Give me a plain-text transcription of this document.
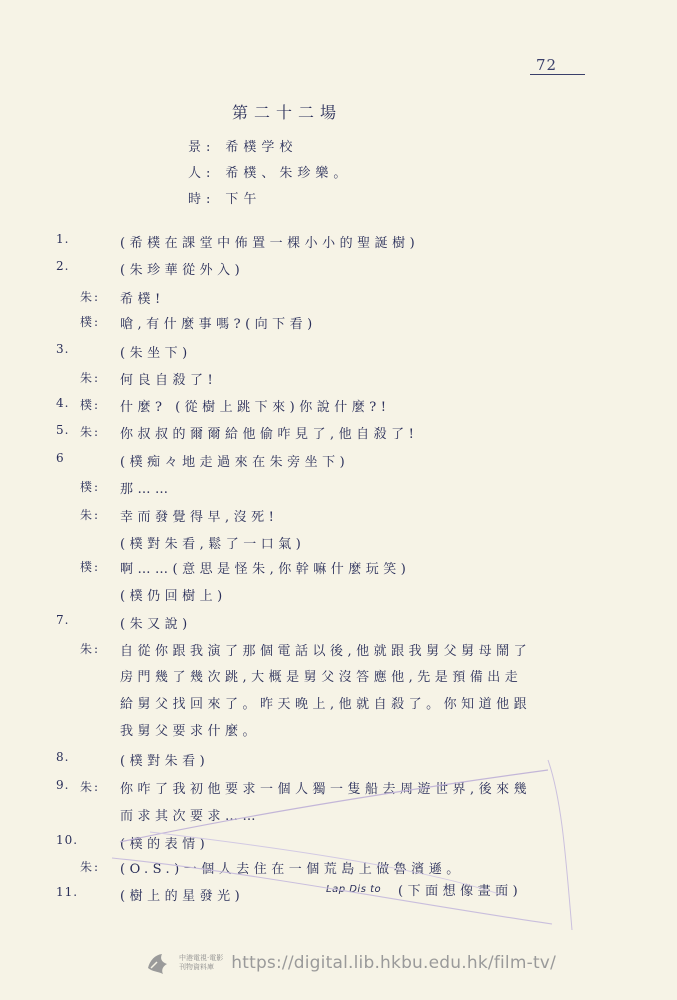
72
第二十二場
景: 希樸学校
人: 希樸、朱珍樂。
時: 下午
1.	(希樸在課堂中佈置一棵小小的聖誕樹)
2.	(朱珍華從外入)
朱: 希樸!
樸: 嗆,有什麼事嗎?(向下看)
3.	(朱坐下)
朱: 何良自殺了!
4. 樸: 什麼? (從樹上跳下來)你說什麼?!
5. 朱: 你叔叔的爾爾給他偷咋見了,他自殺了!
6	(樸痴々地走過來在朱旁坐下)
樸: 那……
朱: 幸而發覺得早,沒死!
(樸對朱看,鬆了一口氣)
樸: 啊……(意思是怪朱,你幹嘛什麼玩笑)
(樸仍回樹上)
7.	(朱又說)
朱: 自從你跟我演了那個電話以後,他就跟我舅父舅母鬧了
房門幾了幾次跳,大概是舅父沒答應他,先是預備出走
給舅父找回來了。昨天晚上,他就自殺了。你知道他跟
我舅父要求什麼。
8.	(樸對朱看)
9. 朱: 你咋了我初他要求一個人獨一隻船去周遊世界,後來幾
而求其次要求……
10.	(樸的表情)
朱: (O.S.)一個人去住在一個荒島上做魯濱遜。
11.	(樹上的星發光)	Lap Dis to (下面想像畫面)
中港電視·電影
刊物資料庫	https://digital.lib.hkbu.edu.hk/film-tv/
